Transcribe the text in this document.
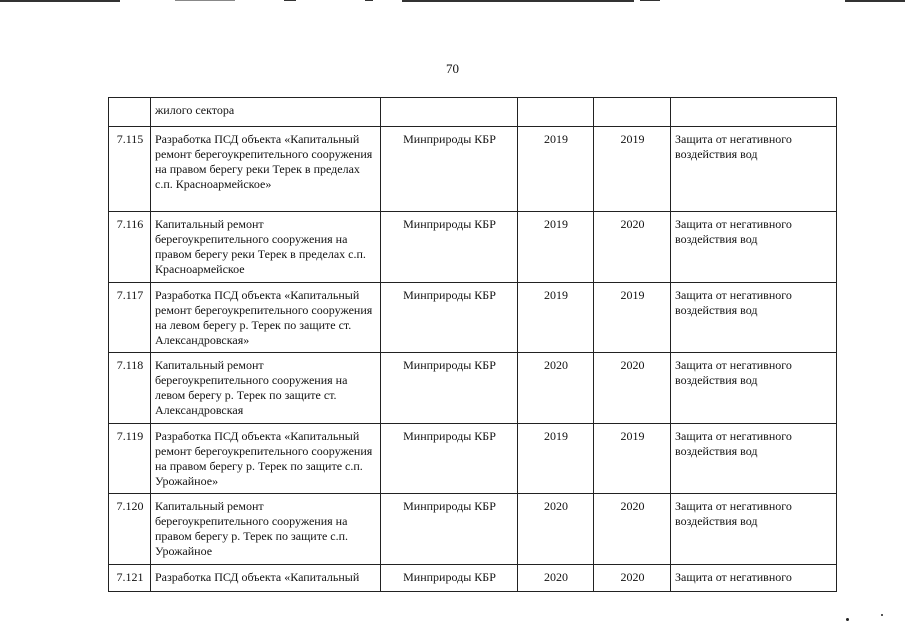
70
	жилого сектора				
7.115	Разработка ПСД объекта «Капитальный ремонт берегоукрепительного сооружения на правом берегу реки Терек в пределах с.п. Красноармейское»	Минприроды КБР	2019	2019	Защита от негативного воздействия вод
7.116	Капитальный ремонт берегоукрепительного сооружения на правом берегу реки Терек в пределах с.п. Красноармейское	Минприроды КБР	2019	2020	Защита от негативного воздействия вод
7.117	Разработка ПСД объекта «Капитальный ремонт берегоукрепительного сооружения на левом берегу р. Терек по защите ст. Александровская»	Минприроды КБР	2019	2019	Защита от негативного воздействия вод
7.118	Капитальный ремонт берегоукрепительного сооружения на левом берегу р. Терек по защите ст. Александровская	Минприроды КБР	2020	2020	Защита от негативного воздействия вод
7.119	Разработка ПСД объекта «Капитальный ремонт берегоукрепительного сооружения на правом берегу р. Терек по защите с.п. Урожайное»	Минприроды КБР	2019	2019	Защита от негативного воздействия вод
7.120	Капитальный ремонт берегоукрепительного сооружения на правом берегу р. Терек по защите с.п. Урожайное	Минприроды КБР	2020	2020	Защита от негативного воздействия вод
7.121	Разработка ПСД объекта «Капитальный	Минприроды КБР	2020	2020	Защита от негативного
